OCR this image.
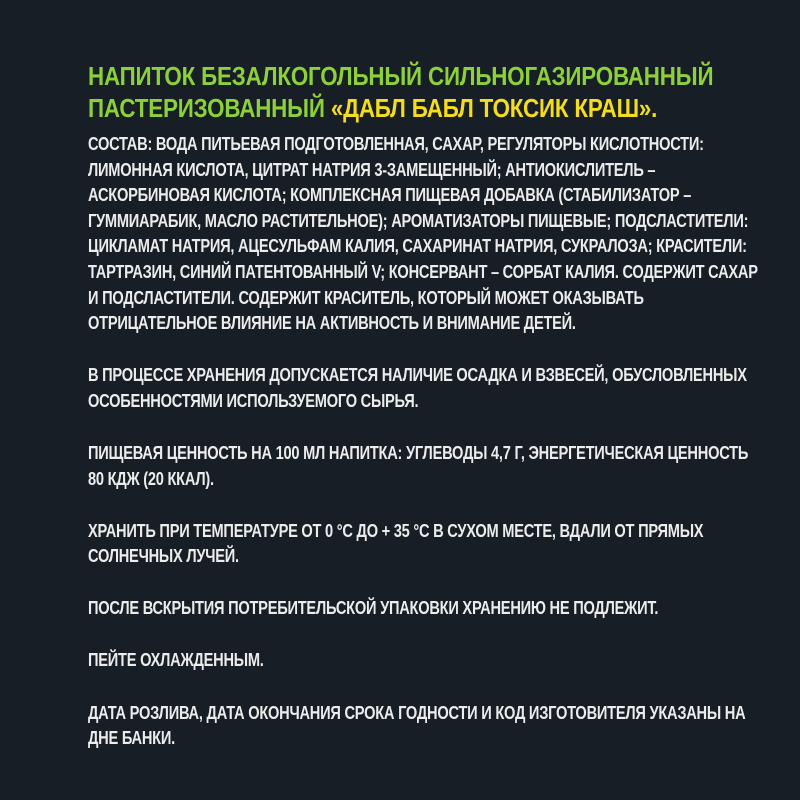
НАПИТОК БЕЗАЛКОГОЛЬНЫЙ СИЛЬНОГАЗИРОВАННЫЙ
ПАСТЕРИЗОВАННЫЙ «ДАБЛ БАБЛ ТОКСИК КРАШ».

СОСТАВ: ВОДА ПИТЬЕВАЯ ПОДГОТОВЛЕННАЯ, САХАР, РЕГУЛЯТОРЫ КИСЛОТНОСТИ: ЛИМОННАЯ КИСЛОТА, ЦИТРАТ НАТРИЯ 3-ЗАМЕЩЕННЫЙ; АНТИОКИСЛИТЕЛЬ – АСКОРБИНОВАЯ КИСЛОТА; КОМПЛЕКСНАЯ ПИЩЕВАЯ ДОБАВКА (СТАБИЛИЗАТОР – ГУММИАРАБИК, МАСЛО РАСТИТЕЛЬНОЕ); АРОМАТИЗАТОРЫ ПИЩЕВЫЕ; ПОДСЛАСТИТЕЛИ: ЦИКЛАМАТ НАТРИЯ, АЦЕСУЛЬФАМ КАЛИЯ, САХАРИНАТ НАТРИЯ, СУКРАЛОЗА; КРАСИТЕЛИ: ТАРТРАЗИН, СИНИЙ ПАТЕНТОВАННЫЙ V; КОНСЕРВАНТ – СОРБАТ КАЛИЯ. СОДЕРЖИТ САХАР И ПОДСЛАСТИТЕЛИ. СОДЕРЖИТ КРАСИТЕЛЬ, КОТОРЫЙ МОЖЕТ ОКАЗЫВАТЬ ОТРИЦАТЕЛЬНОЕ ВЛИЯНИЕ НА АКТИВНОСТЬ И ВНИМАНИЕ ДЕТЕЙ.

В ПРОЦЕССЕ ХРАНЕНИЯ ДОПУСКАЕТСЯ НАЛИЧИЕ ОСАДКА И ВЗВЕСЕЙ, ОБУСЛОВЛЕННЫХ ОСОБЕННОСТЯМИ ИСПОЛЬЗУЕМОГО СЫРЬЯ.

ПИЩЕВАЯ ЦЕННОСТЬ НА 100 МЛ НАПИТКА: УГЛЕВОДЫ 4,7 Г, ЭНЕРГЕТИЧЕСКАЯ ЦЕННОСТЬ 80 КДЖ (20 ККАЛ).

ХРАНИТЬ ПРИ ТЕМПЕРАТУРЕ ОТ 0 °С ДО + 35 °С В СУХОМ МЕСТЕ, ВДАЛИ ОТ ПРЯМЫХ СОЛНЕЧНЫХ ЛУЧЕЙ.

ПОСЛЕ ВСКРЫТИЯ ПОТРЕБИТЕЛЬСКОЙ УПАКОВКИ ХРАНЕНИЮ НЕ ПОДЛЕЖИТ.

ПЕЙТЕ ОХЛАЖДЕННЫМ.

ДАТА РОЗЛИВА, ДАТА ОКОНЧАНИЯ СРОКА ГОДНОСТИ И КОД ИЗГОТОВИТЕЛЯ УКАЗАНЫ НА ДНЕ БАНКИ.
